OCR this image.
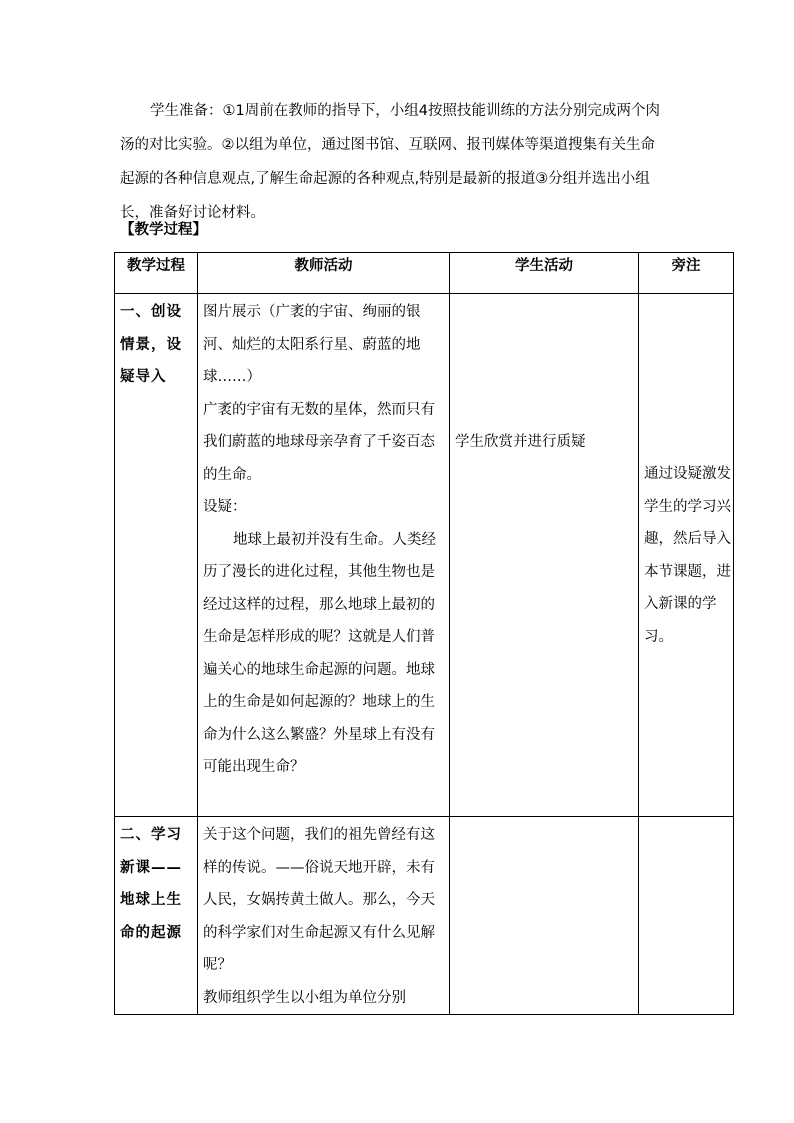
学生准备：①1周前在教师的指导下，小组4按照技能训练的方法分别完成两个肉汤的对比实验。②以组为单位，通过图书馆、互联网、报刊媒体等渠道搜集有关生命起源的各种信息观点,了解生命起源的各种观点,特别是最新的报道③分组并选出小组长，准备好讨论材料。

【教学过程】

教学过程	教师活动	学生活动	旁注
一、创设情景，设疑导入	图片展示（广袤的宇宙、绚丽的银河、灿烂的太阳系行星、蔚蓝的地球……）

广袤的宇宙有无数的星体，然而只有我们蔚蓝的地球母亲孕育了千姿百态的生命。

设疑：

地球上最初并没有生命。人类经历了漫长的进化过程，其他生物也是经过这样的过程，那么地球上最初的生命是怎样形成的呢？这就是人们普遍关心的地球生命起源的问题。地球上的生命是如何起源的？地球上的生命为什么这么繁盛？外星球上有没有可能出现生命？	学生欣赏并进行质疑	通过设疑激发学生的学习兴趣，然后导入本节课题，进入新课的学习。

二、学习新课——地球上生命的起源	关于这个问题，我们的祖先曾经有这样的传说。——俗说天地开辟，未有人民，女娲抟黄土做人。那么，今天的科学家们对生命起源又有什么见解呢？

教师组织学生以小组为单位分别		
